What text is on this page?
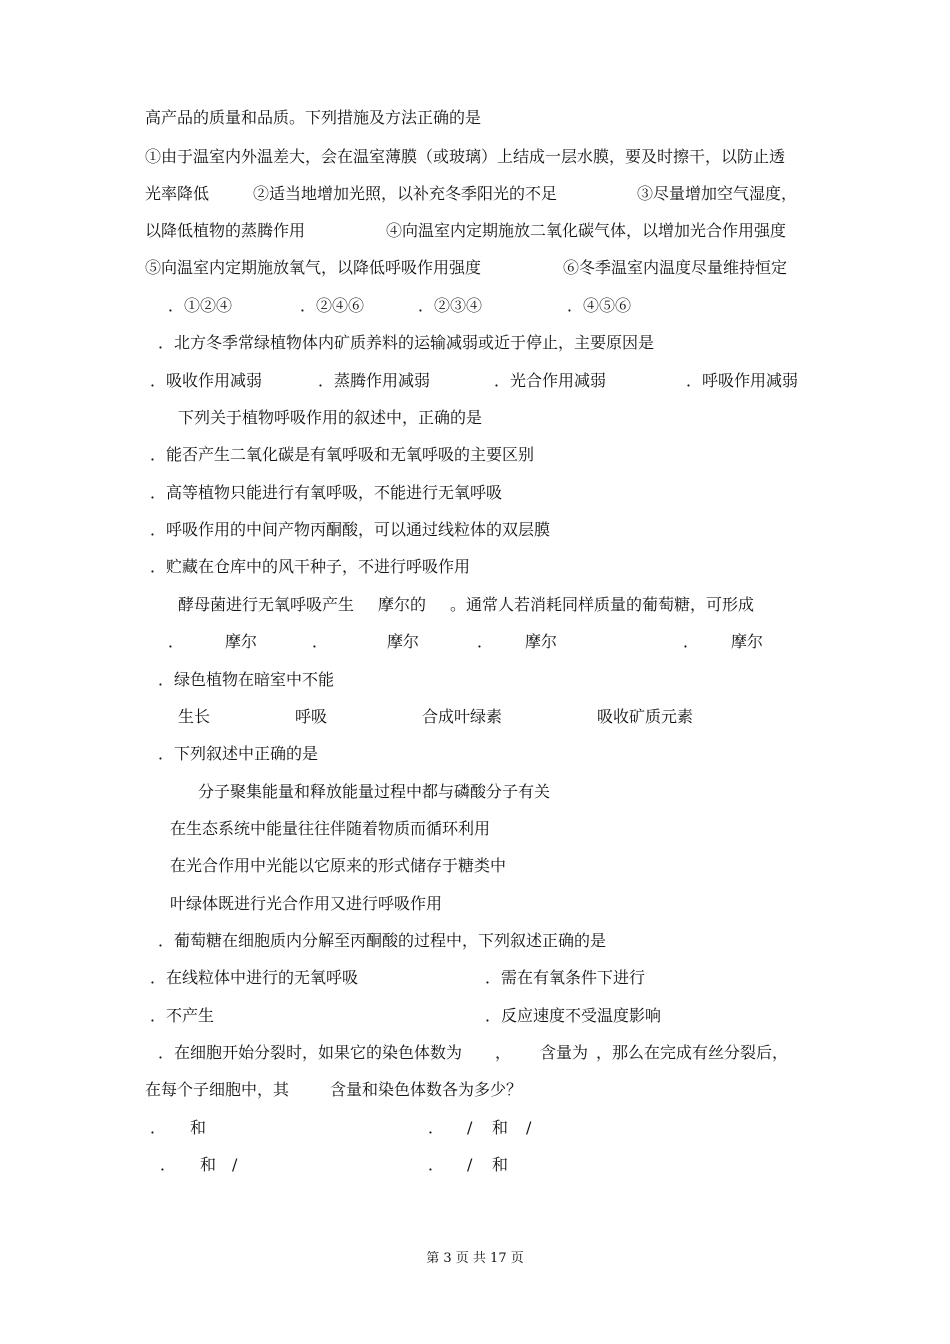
高产品的质量和品质。下列措施及方法正确的是

①由于温室内外温差大，会在温室薄膜（或玻璃）上结成一层水膜，要及时擦干，以防止透

光率降低

	②适当地增加光照，以补充冬季阳光的不足

	③尽量增加空气湿度，

以降低植物的蒸腾作用

	④向温室内定期施放二氧化碳气体，以增加光合作用强度

⑤向温室内定期施放氧气，以降低呼吸作用强度

	⑥冬季温室内温度尽量维持恒定

．①②④

	．②④⑥

	．②③④

	．④⑤⑥

．北方冬季常绿植物体内矿质养料的运输减弱或近于停止，主要原因是

．吸收作用减弱

	．蒸腾作用减弱

	．光合作用减弱

	．呼吸作用减弱

下列关于植物呼吸作用的叙述中，正确的是

．能否产生二氧化碳是有氧呼吸和无氧呼吸的主要区别

．高等植物只能进行有氧呼吸，不能进行无氧呼吸

．呼吸作用的中间产物丙酮酸，可以通过线粒体的双层膜

．贮藏在仓库中的风干种子，不进行呼吸作用

酵母菌进行无氧呼吸产生

摩尔的

。通常人若消耗同样质量的葡萄糖，可形成

．

	摩尔

	．

	摩尔

	．

摩尔

	．

摩尔

．绿色植物在暗室中不能

生长

	呼吸

	合成叶绿素

	吸收矿质元素

．下列叙述中正确的是

分子聚集能量和释放能量过程中都与磷酸分子有关

在生态系统中能量往往伴随着物质而循环利用

在光合作用中光能以它原来的形式储存于糖类中

叶绿体既进行光合作用又进行呼吸作用

．葡萄糖在细胞质内分解至丙酮酸的过程中，下列叙述正确的是

．在线粒体中进行的无氧呼吸

	．需在有氧条件下进行

．不产生

	．反应速度不受温度影响

．在细胞开始分裂时，如果它的染色体数为

，

含量为

，那么在完成有丝分裂后，

在每个子细胞中，其

	含量和染色体数各为多少？

．

和

	．

/

和

/

．

和

/

	．

/

和

第 3 页 共 17 页
